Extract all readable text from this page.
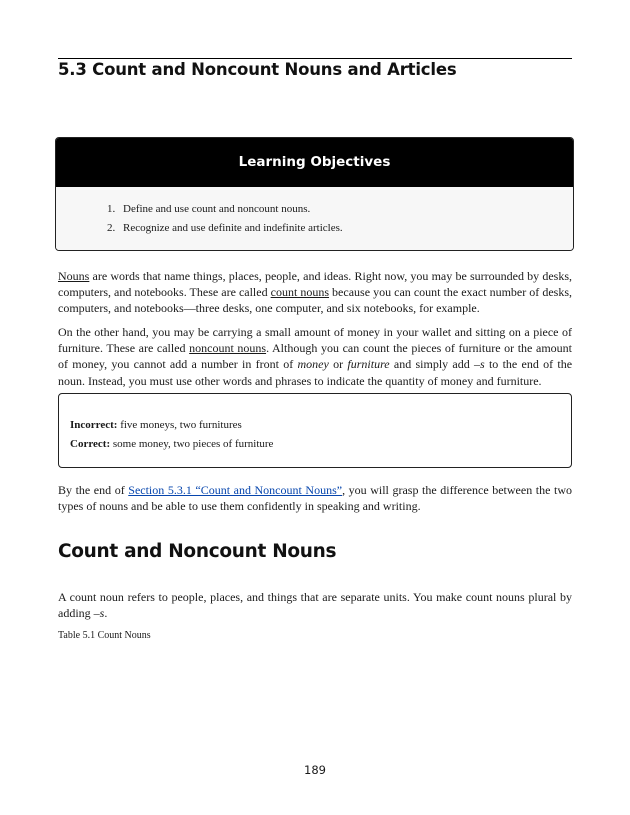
5.3 Count and Noncount Nouns and Articles
Learning Objectives
1. Define and use count and noncount nouns.
2. Recognize and use definite and indefinite articles.

Nouns are words that name things, places, people, and ideas. Right now, you may be surrounded by desks, computers, and notebooks. These are called count nouns because you can count the exact number of desks, computers, and notebooks—three desks, one computer, and six notebooks, for example.

On the other hand, you may be carrying a small amount of money in your wallet and sitting on a piece of furniture. These are called noncount nouns. Although you can count the pieces of furniture or the amount of money, you cannot add a number in front of money or furniture and simply add –s to the end of the noun. Instead, you must use other words and phrases to indicate the quantity of money and furniture.

Incorrect: five moneys, two furnitures
Correct: some money, two pieces of furniture

By the end of Section 5.3.1 “Count and Noncount Nouns”, you will grasp the difference between the two types of nouns and be able to use them confidently in speaking and writing.

Count and Noncount Nouns

A count noun refers to people, places, and things that are separate units. You make count nouns plural by adding –s.

Table 5.1 Count Nouns
189
